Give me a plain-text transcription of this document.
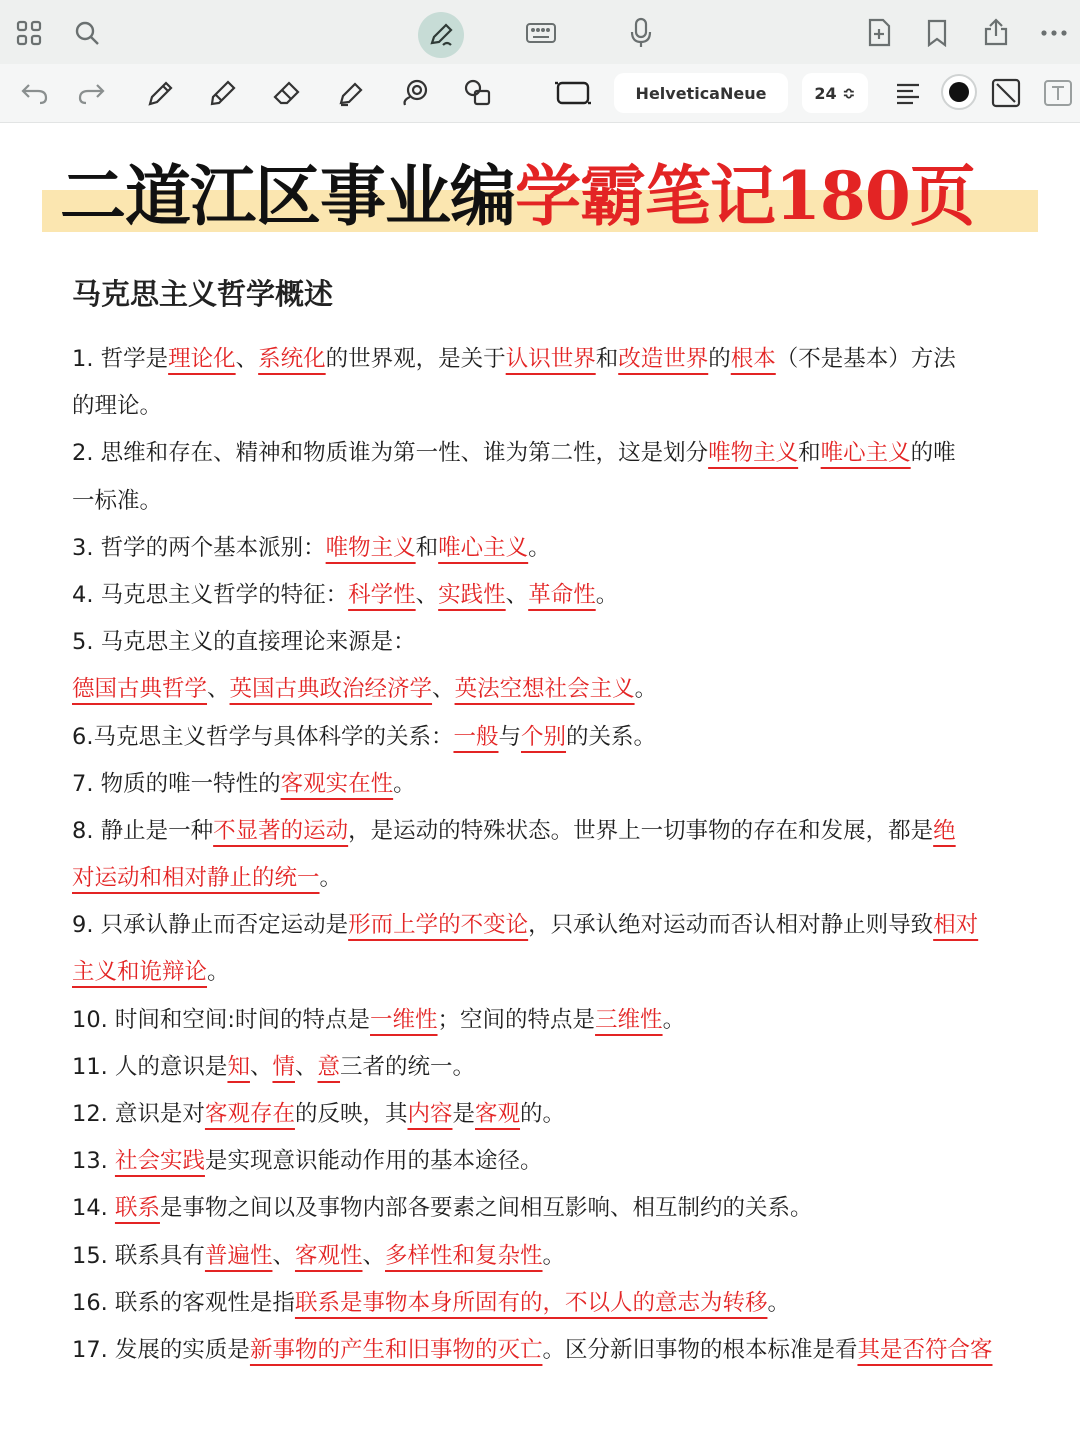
HelveticaNeue	24 ≎
二道江区事业编学霸笔记180页
马克思主义哲学概述
1. 哲学是理论化、系统化的世界观，是关于认识世界和改造世界的根本（不是基本）方法
的理论。
2. 思维和存在、精神和物质谁为第一性、谁为第二性，这是划分唯物主义和唯心主义的唯
一标准。
3. 哲学的两个基本派别：唯物主义和唯心主义。
4. 马克思主义哲学的特征：科学性、实践性、革命性。
5. 马克思主义的直接理论来源是：
德国古典哲学、英国古典政治经济学、英法空想社会主义。
6.马克思主义哲学与具体科学的关系：一般与个别的关系。
7. 物质的唯一特性的客观实在性。
8. 静止是一种不显著的运动，是运动的特殊状态。世界上一切事物的存在和发展，都是绝
对运动和相对静止的统一。
9. 只承认静止而否定运动是形而上学的不变论，只承认绝对运动而否认相对静止则导致相对
主义和诡辩论。
10. 时间和空间:时间的特点是一维性；空间的特点是三维性。
11. 人的意识是知、情、意三者的统一。
12. 意识是对客观存在的反映，其内容是客观的。
13. 社会实践是实现意识能动作用的基本途径。
14. 联系是事物之间以及事物内部各要素之间相互影响、相互制约的关系。
15. 联系具有普遍性、客观性、多样性和复杂性。
16. 联系的客观性是指联系是事物本身所固有的，不以人的意志为转移。
17. 发展的实质是新事物的产生和旧事物的灭亡。区分新旧事物的根本标准是看其是否符合客
